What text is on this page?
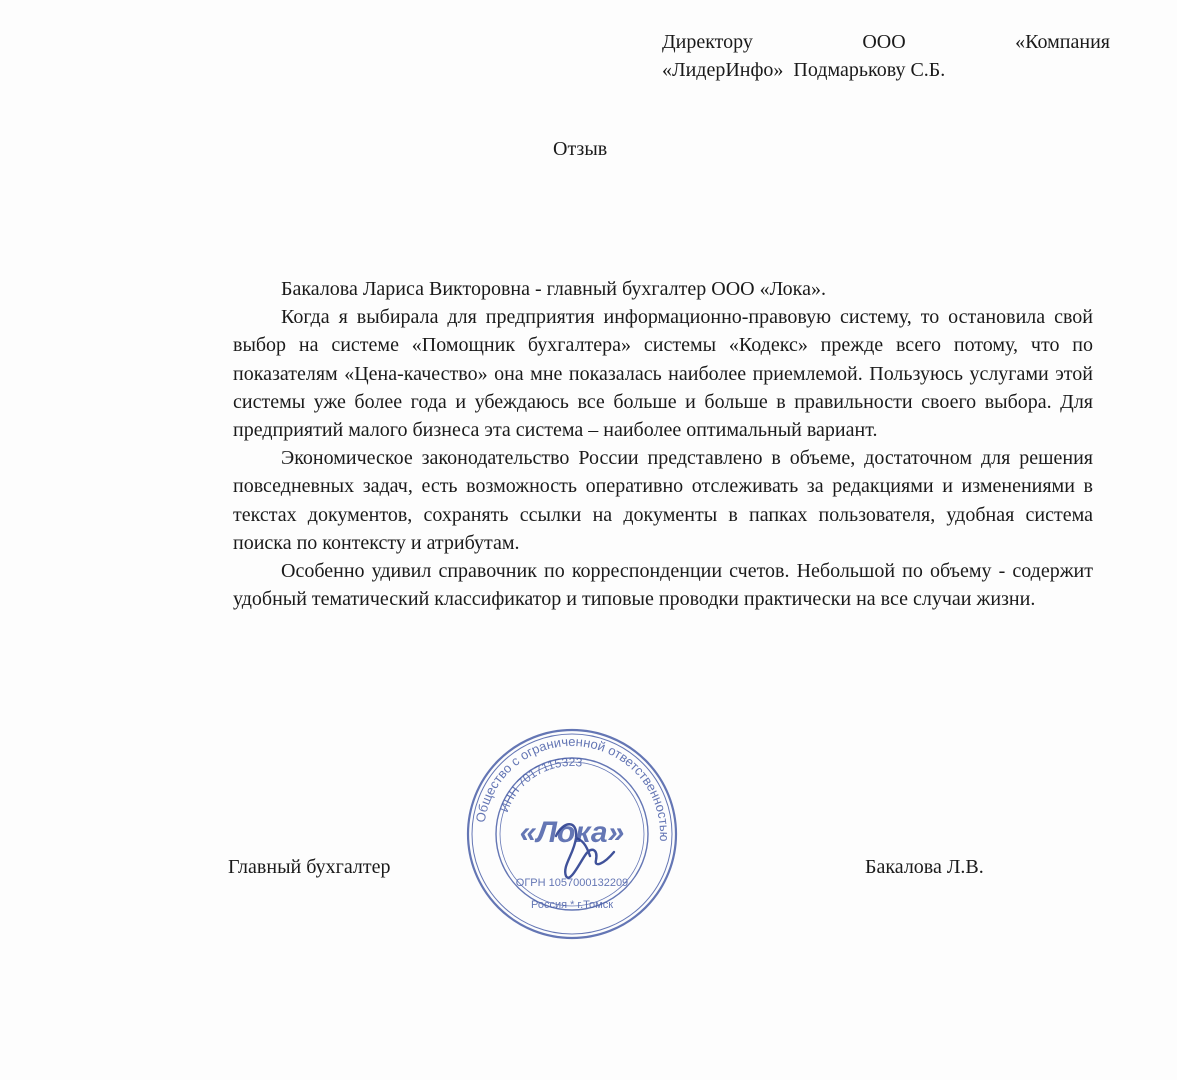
Директору	ООО	«Компания
«ЛидерИнфо»  Подмарькову С.Б.
Отзыв

Бакалова Лариса Викторовна - главный бухгалтер ООО «Лока».

Когда я выбирала для предприятия информационно-правовую систему, то остановила свой выбор на системе «Помощник бухгалтера» системы «Кодекс» прежде всего потому, что по показателям «Цена-качество» она мне показалась наиболее приемлемой. Пользуюсь услугами этой системы уже более года и убеждаюсь все больше и больше в правильности своего выбора. Для предприятий малого бизнеса эта система – наиболее оптимальный вариант.

Экономическое законодательство России представлено в объеме, достаточном для решения повседневных задач, есть возможность оперативно отслеживать за редакциями и изменениями в текстах документов, сохранять ссылки на документы в папках пользователя, удобная система поиска по контексту и атрибутам.

Особенно удивил справочник по корреспонденции счетов. Небольшой по объему - содержит удобный тематический классификатор и типовые проводки практически на все случаи жизни.

Главный бухгалтер
Общество с ограниченной ответственностью
ИНН 7017115323
«Лока»
ОГРН 1057000132209
Россия * г.Томск
Бакалова Л.В.
